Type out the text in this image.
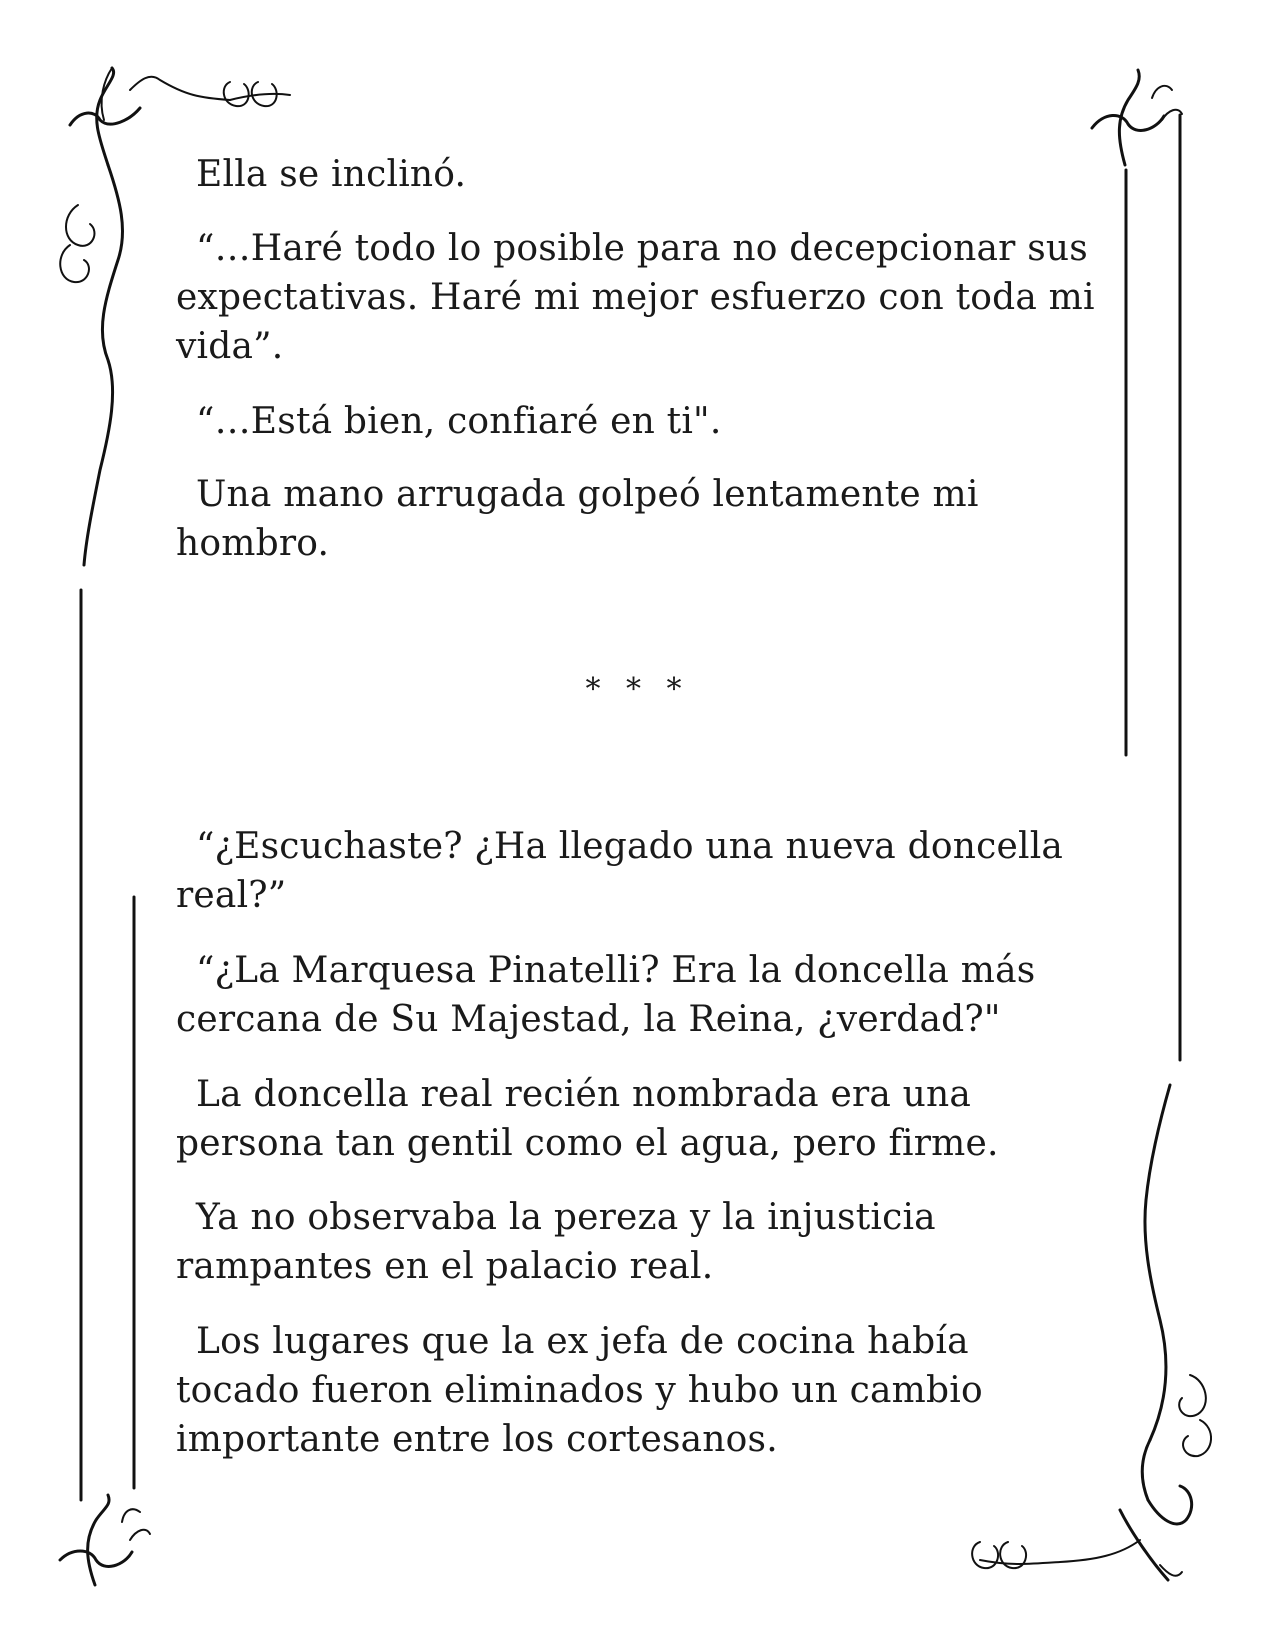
Ella se inclinó.

“…Haré todo lo posible para no decepcionar sus expectativas. Haré mi mejor esfuerzo con toda mi vida”.

“…Está bien, confiaré en ti".

Una mano arrugada golpeó lentamente mi hombro.

* * *

“¿Escuchaste? ¿Ha llegado una nueva doncella real?”

“¿La Marquesa Pinatelli? Era la doncella más cercana de Su Majestad, la Reina, ¿verdad?"

La doncella real recién nombrada era una persona tan gentil como el agua, pero firme.

Ya no observaba la pereza y la injusticia rampantes en el palacio real.

Los lugares que la ex jefa de cocina había tocado fueron eliminados y hubo un cambio importante entre los cortesanos.
